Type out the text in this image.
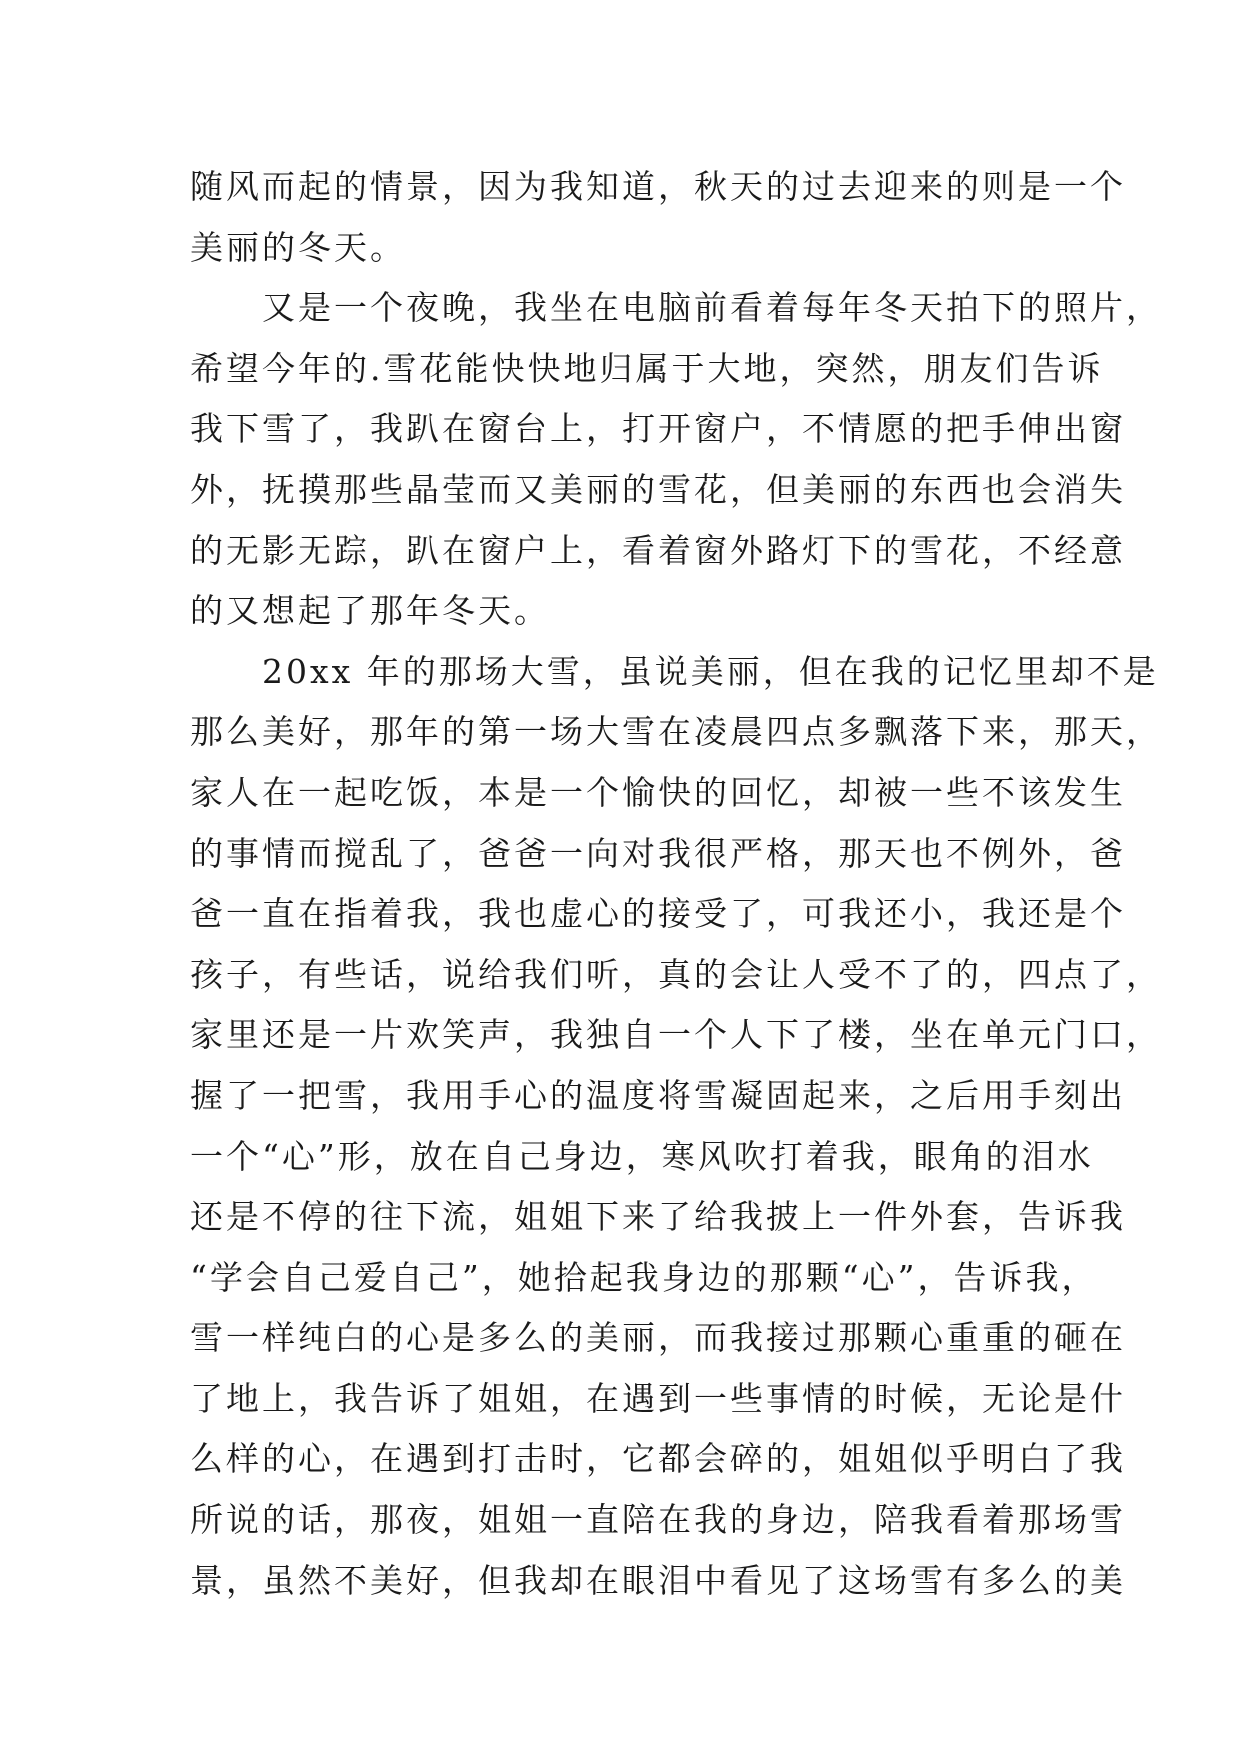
随风而起的情景，因为我知道，秋天的过去迎来的则是一个
美丽的冬天。

　　又是一个夜晚，我坐在电脑前看着每年冬天拍下的照片，
希望今年的.雪花能快快地归属于大地，突然，朋友们告诉
我下雪了，我趴在窗台上，打开窗户，不情愿的把手伸出窗
外，抚摸那些晶莹而又美丽的雪花，但美丽的东西也会消失
的无影无踪，趴在窗户上，看着窗外路灯下的雪花，不经意
的又想起了那年冬天。

　　20xx 年的那场大雪，虽说美丽，但在我的记忆里却不是
那么美好，那年的第一场大雪在凌晨四点多飘落下来，那天，
家人在一起吃饭，本是一个愉快的回忆，却被一些不该发生
的事情而搅乱了，爸爸一向对我很严格，那天也不例外，爸
爸一直在指着我，我也虚心的接受了，可我还小，我还是个
孩子，有些话，说给我们听，真的会让人受不了的，四点了，
家里还是一片欢笑声，我独自一个人下了楼，坐在单元门口，
握了一把雪，我用手心的温度将雪凝固起来，之后用手刻出
一个“心”形，放在自己身边，寒风吹打着我，眼角的泪水
还是不停的往下流，姐姐下来了给我披上一件外套，告诉我
“学会自己爱自己”，她拾起我身边的那颗“心”，告诉我，
雪一样纯白的心是多么的美丽，而我接过那颗心重重的砸在
了地上，我告诉了姐姐，在遇到一些事情的时候，无论是什
么样的心，在遇到打击时，它都会碎的，姐姐似乎明白了我
所说的话，那夜，姐姐一直陪在我的身边，陪我看着那场雪
景，虽然不美好，但我却在眼泪中看见了这场雪有多么的美
